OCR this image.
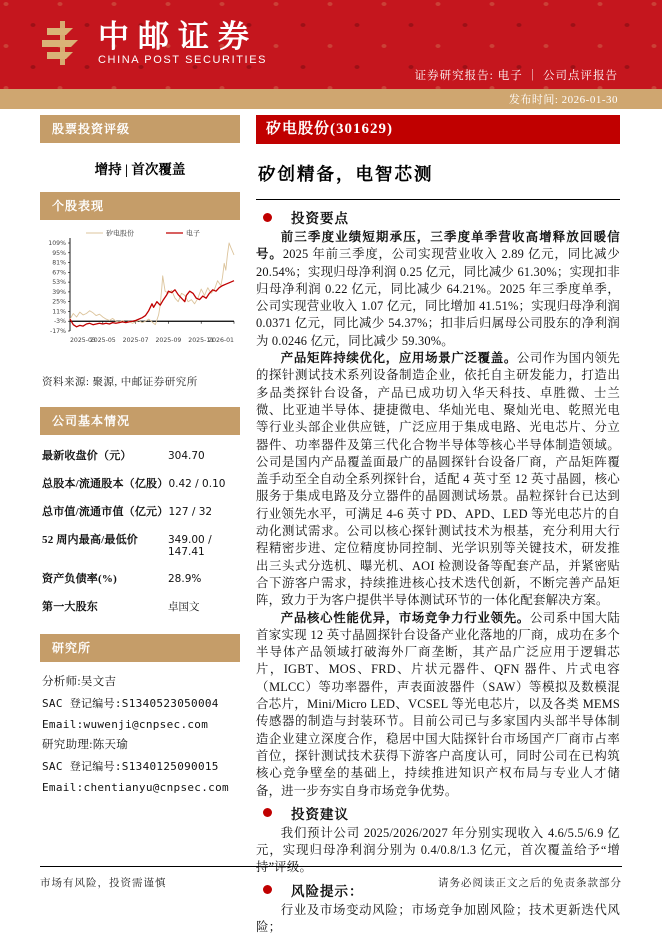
中邮证券
CHINA POST SECURITIES
证券研究报告: 电子 ｜ 公司点评报告
发布时间: 2026-01-30
股票投资评级
增持 | 首次覆盖
个股表现
矽电股份	电子
-17%
-3%
11%
25%
39%
53%
67%
81%
95%
109%
2025-03
2025-05 2025-07 2025-09 2025-11
2026-01
资料来源: 聚源, 中邮证券研究所
公司基本情况
最新收盘价（元）	304.70
总股本/流通股本（亿股） 0.42 / 0.10
总市值/流通市值（亿元） 127 / 32
52 周内最高/最低价	349.00 / 147.41
资产负债率(%)	28.9%
第一大股东	卓国文
研究所
分析师:吴文吉
SAC 登记编号:S1340523050004
Email:wuwenji@cnpsec.com
研究助理:陈天瑜
SAC 登记编号:S1340125090015
Email:chentianyu@cnpsec.com
矽电股份(301629)
矽创精备，电智芯测
投资要点

前三季度业绩短期承压，三季度单季营收高增释放回暖信号。2025 年前三季度，公司实现营业收入 2.89 亿元，同比减少 20.54%；实现归母净利润 0.25 亿元，同比减少 61.30%；实现扣非归母净利润 0.22 亿元，同比减少 64.21%。2025 年三季度单季，公司实现营业收入 1.07 亿元，同比增加 41.51%；实现归母净利润 0.0371 亿元，同比减少 54.37%；扣非后归属母公司股东的净利润为 0.0246 亿元，同比减少 59.30%。

产品矩阵持续优化，应用场景广泛覆盖。公司作为国内领先的探针测试技术系列设备制造企业，依托自主研发能力，打造出多品类探针台设备，产品已成功切入华天科技、卓胜微、士兰微、比亚迪半导体、捷捷微电、华灿光电、聚灿光电、乾照光电等行业头部企业供应链，广泛应用于集成电路、光电芯片、分立器件、功率器件及第三代化合物半导体等核心半导体制造领域。公司是国内产品覆盖面最广的晶圆探针台设备厂商，产品矩阵覆盖手动至全自动全系列探针台，适配 4 英寸至 12 英寸晶圆，核心服务于集成电路及分立器件的晶圆测试场景。晶粒探针台已达到行业领先水平，可满足 4-6 英寸 PD、APD、LED 等光电芯片的自动化测试需求。公司以核心探针测试技术为根基，充分利用大行程精密步进、定位精度协同控制、光学识别等关键技术，研发推出三头式分选机、曝光机、AOI 检测设备等配套产品，并紧密贴合下游客户需求，持续推进核心技术迭代创新，不断完善产品矩阵，致力于为客户提供半导体测试环节的一体化配套解决方案。

产品核心性能优异，市场竞争力行业领先。公司系中国大陆首家实现 12 英寸晶圆探针台设备产业化落地的厂商，成功在多个半导体产品领域打破海外厂商垄断，其产品广泛应用于逻辑芯片，IGBT、MOS、FRD、片状元器件、QFN 器件、片式电容（MLCC）等功率器件，声表面波器件（SAW）等模拟及数模混合芯片，Mini/Micro LED、VCSEL 等光电芯片，以及各类 MEMS 传感器的制造与封装环节。目前公司已与多家国内头部半导体制造企业建立深度合作，稳居中国大陆探针台市场国产厂商市占率首位，探针测试技术获得下游客户高度认可，同时公司在已构筑核心竞争壁垒的基础上，持续推进知识产权布局与专业人才储备，进一步夯实自身市场竞争优势。

投资建议

我们预计公司 2025/2026/2027 年分别实现收入 4.6/5.5/6.9 亿元，实现归母净利润分别为 0.4/0.8/1.3 亿元，首次覆盖给予“增持”评级。

风险提示：

行业及市场变动风险；市场竞争加剧风险；技术更新迭代风险；

市场有风险，投资需谨慎	请务必阅读正文之后的免责条款部分
